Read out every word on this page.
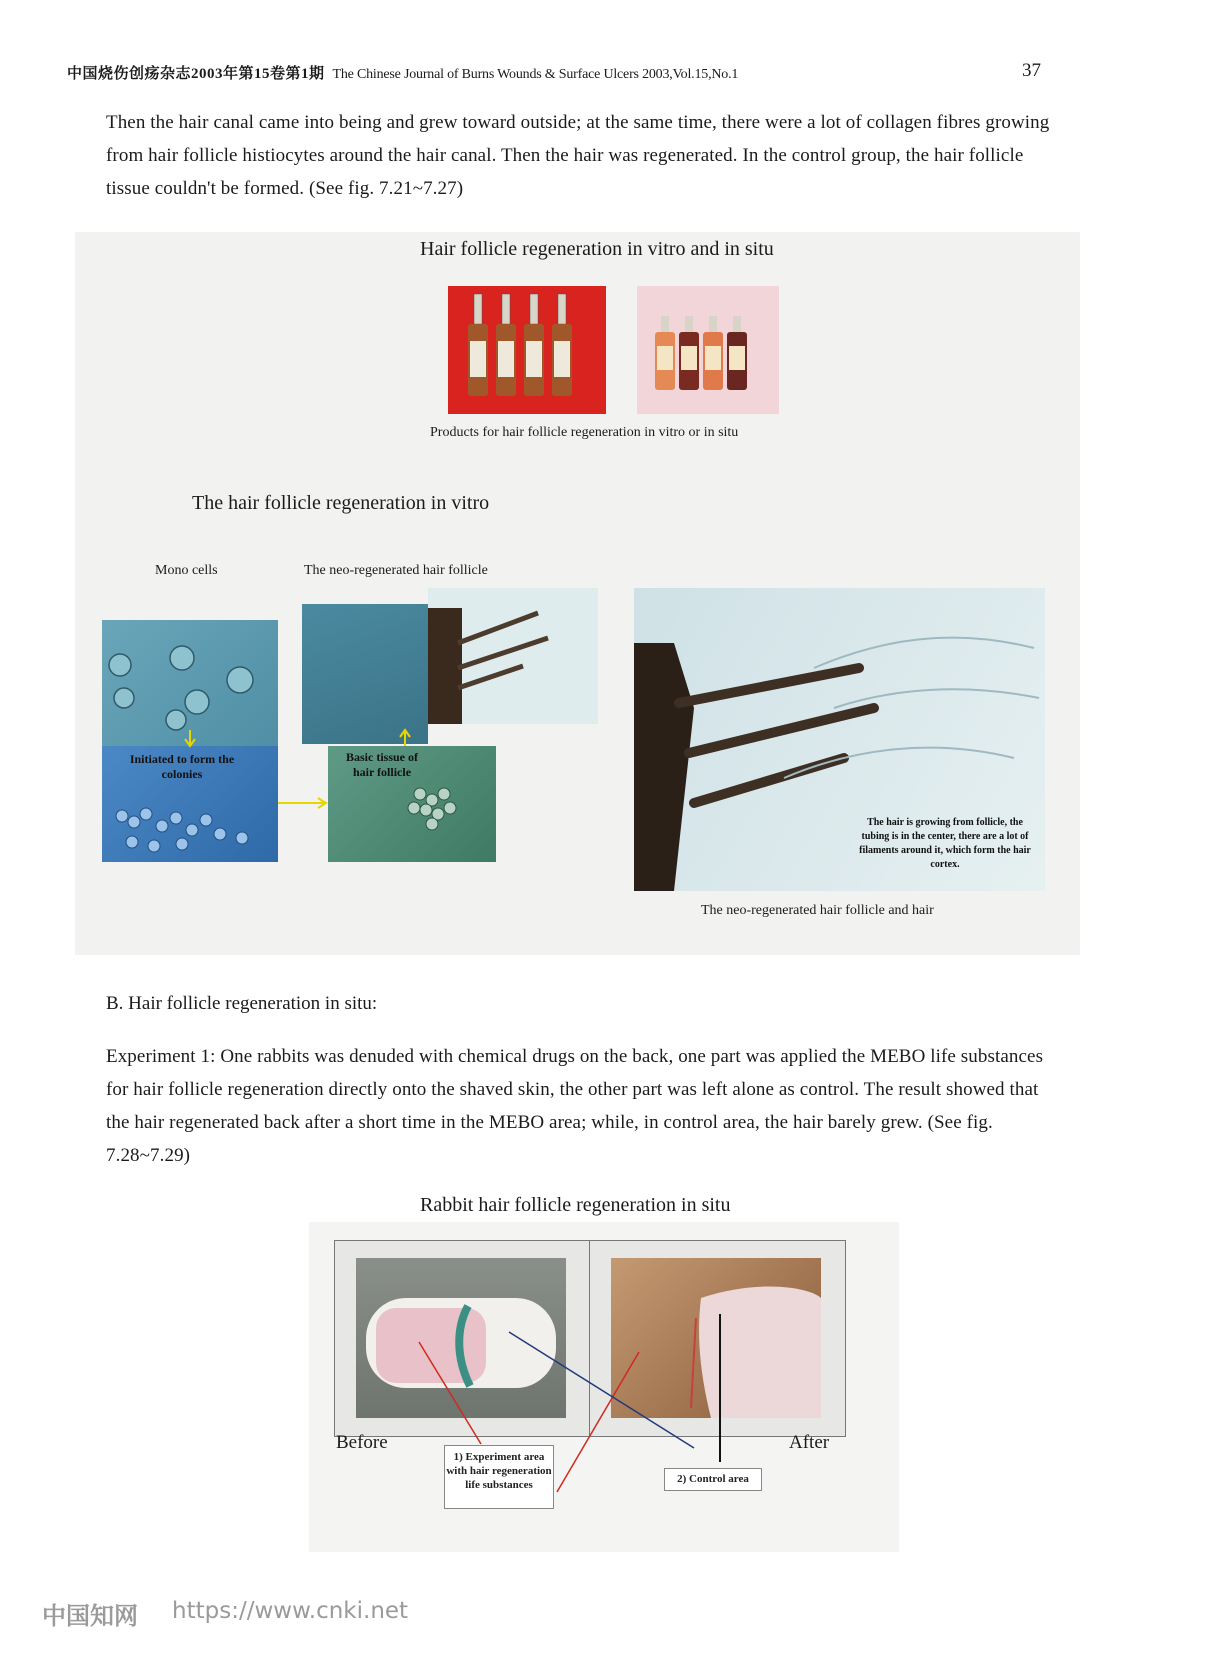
中国烧伤创疡杂志2003年第15卷第1期 The Chinese Journal of Burns Wounds & Surface Ulcers 2003,Vol.15,No.1	37
Then the hair canal came into being and grew toward outside; at the same time, there were a lot of collagen fibres growing from hair follicle histiocytes around the hair canal. Then the hair was regenerated. In the control group, the hair follicle tissue couldn't be formed. (See fig. 7.21~7.27)
Hair follicle regeneration in vitro and in situ
Products for hair follicle regeneration in vitro or in situ
The hair follicle regeneration in vitro
Mono cells	The neo-regenerated hair follicle
Initiated to form the colonies
Basic tissue of hair follicle
The hair is growing from follicle, the tubing is in the center, there are a lot of filaments around it, which form the hair cortex.
The neo-regenerated hair follicle and hair
B. Hair follicle regeneration in situ:
Experiment 1: One rabbits was denuded with chemical drugs on the back, one part was applied the MEBO life substances for hair follicle regeneration directly onto the shaved skin, the other part was left alone as control. The result showed that the hair regenerated back after a short time in the MEBO area; while, in control area, the hair barely grew. (See fig. 7.28~7.29)
Rabbit hair follicle regeneration in situ
Before	After
1) Experiment area with hair regeneration life substances	2) Control area
中国知网 https://www.cnki.net
